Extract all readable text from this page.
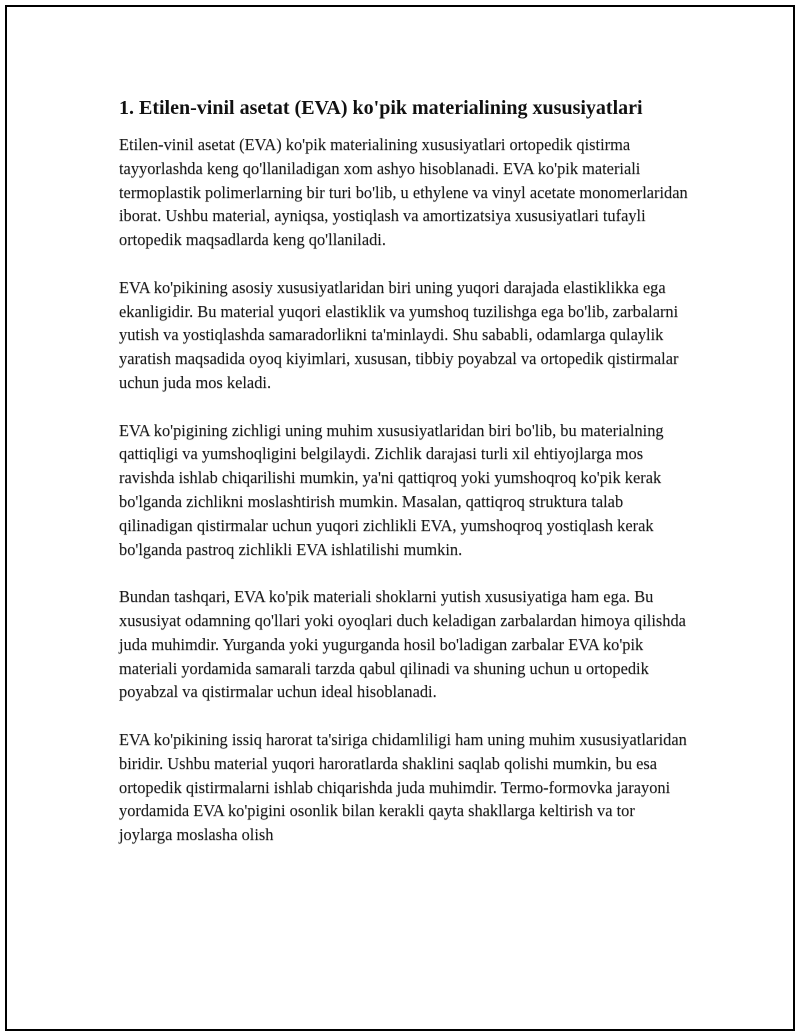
1. Etilen-vinil asetat (EVA) ko'pik materialining xususiyatlari

Etilen-vinil asetat (EVA) ko'pik materialining xususiyatlari ortopedik qistirma tayyorlashda keng qo'llaniladigan xom ashyo hisoblanadi. EVA ko'pik materiali termoplastik polimerlarning bir turi bo'lib, u ethylene va vinyl acetate monomerlaridan iborat. Ushbu material, ayniqsa, yostiqlash va amortizatsiya xususiyatlari tufayli ortopedik maqsadlarda keng qo'llaniladi.

EVA ko'pikining asosiy xususiyatlaridan biri uning yuqori darajada elastiklikka ega ekanligidir. Bu material yuqori elastiklik va yumshoq tuzilishga ega bo'lib, zarbalarni yutish va yostiqlashda samaradorlikni ta'minlaydi. Shu sababli, odamlarga qulaylik yaratish maqsadida oyoq kiyimlari, xususan, tibbiy poyabzal va ortopedik qistirmalar uchun juda mos keladi.

EVA ko'pigining zichligi uning muhim xususiyatlaridan biri bo'lib, bu materialning qattiqligi va yumshoqligini belgilaydi. Zichlik darajasi turli xil ehtiyojlarga mos ravishda ishlab chiqarilishi mumkin, ya'ni qattiqroq yoki yumshoqroq ko'pik kerak bo'lganda zichlikni moslashtirish mumkin. Masalan, qattiqroq struktura talab qilinadigan qistirmalar uchun yuqori zichlikli EVA, yumshoqroq yostiqlash kerak bo'lganda pastroq zichlikli EVA ishlatilishi mumkin.

Bundan tashqari, EVA ko'pik materiali shoklarni yutish xususiyatiga ham ega. Bu xususiyat odamning qo'llari yoki oyoqlari duch keladigan zarbalardan himoya qilishda juda muhimdir. Yurganda yoki yugurganda hosil bo'ladigan zarbalar EVA ko'pik materiali yordamida samarali tarzda qabul qilinadi va shuning uchun u ortopedik poyabzal va qistirmalar uchun ideal hisoblanadi.

EVA ko'pikining issiq harorat ta'siriga chidamliligi ham uning muhim xususiyatlaridan biridir. Ushbu material yuqori haroratlarda shaklini saqlab qolishi mumkin, bu esa ortopedik qistirmalarni ishlab chiqarishda juda muhimdir. Termo-formovka jarayoni yordamida EVA ko'pigini osonlik bilan kerakli qayta shakllarga keltirish va tor joylarga moslasha olish
